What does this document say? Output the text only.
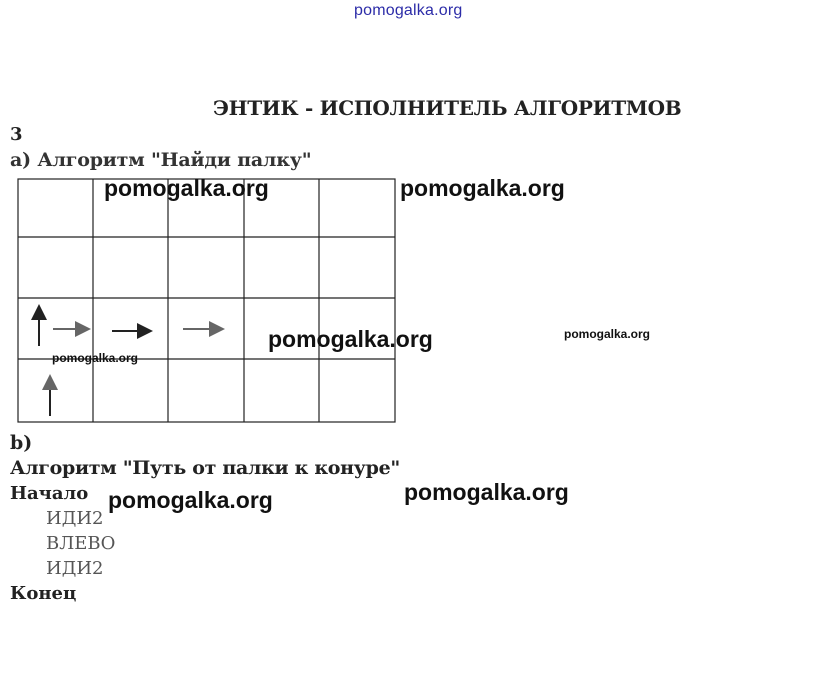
pomogalka.org
ЭНТИК - ИСПОЛНИТЕЛЬ АЛГОРИТМОВ
3
а) Алгоритм "Найди палку"
pomogalka.org	pomogalka.org
pomogalka.org	pomogalka.org
pomogalka.org
b)
Алгоритм "Путь от палки к конуре"
Начало pomogalka.org	pomogalka.org
ИДИ2
ВЛЕВО
ИДИ2
Конец
